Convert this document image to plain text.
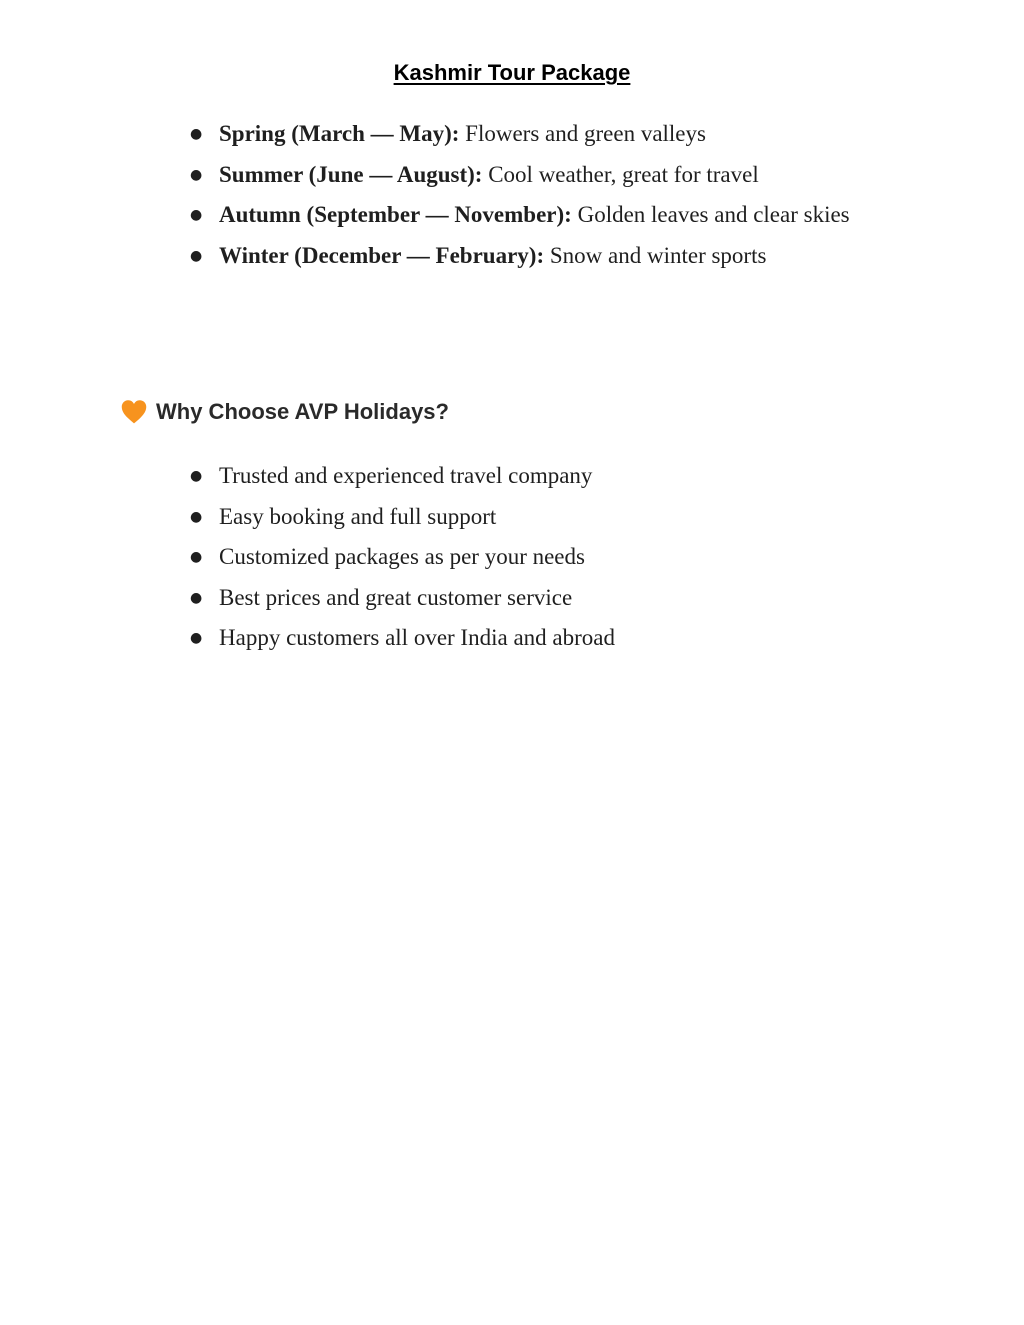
Kashmir Tour Package
● Spring (March — May): Flowers and green valleys
● Summer (June — August): Cool weather, great for travel
● Autumn (September — November): Golden leaves and clear skies
● Winter (December — February): Snow and winter sports
Why Choose AVP Holidays?
● Trusted and experienced travel company
● Easy booking and full support
● Customized packages as per your needs
● Best prices and great customer service
● Happy customers all over India and abroad
